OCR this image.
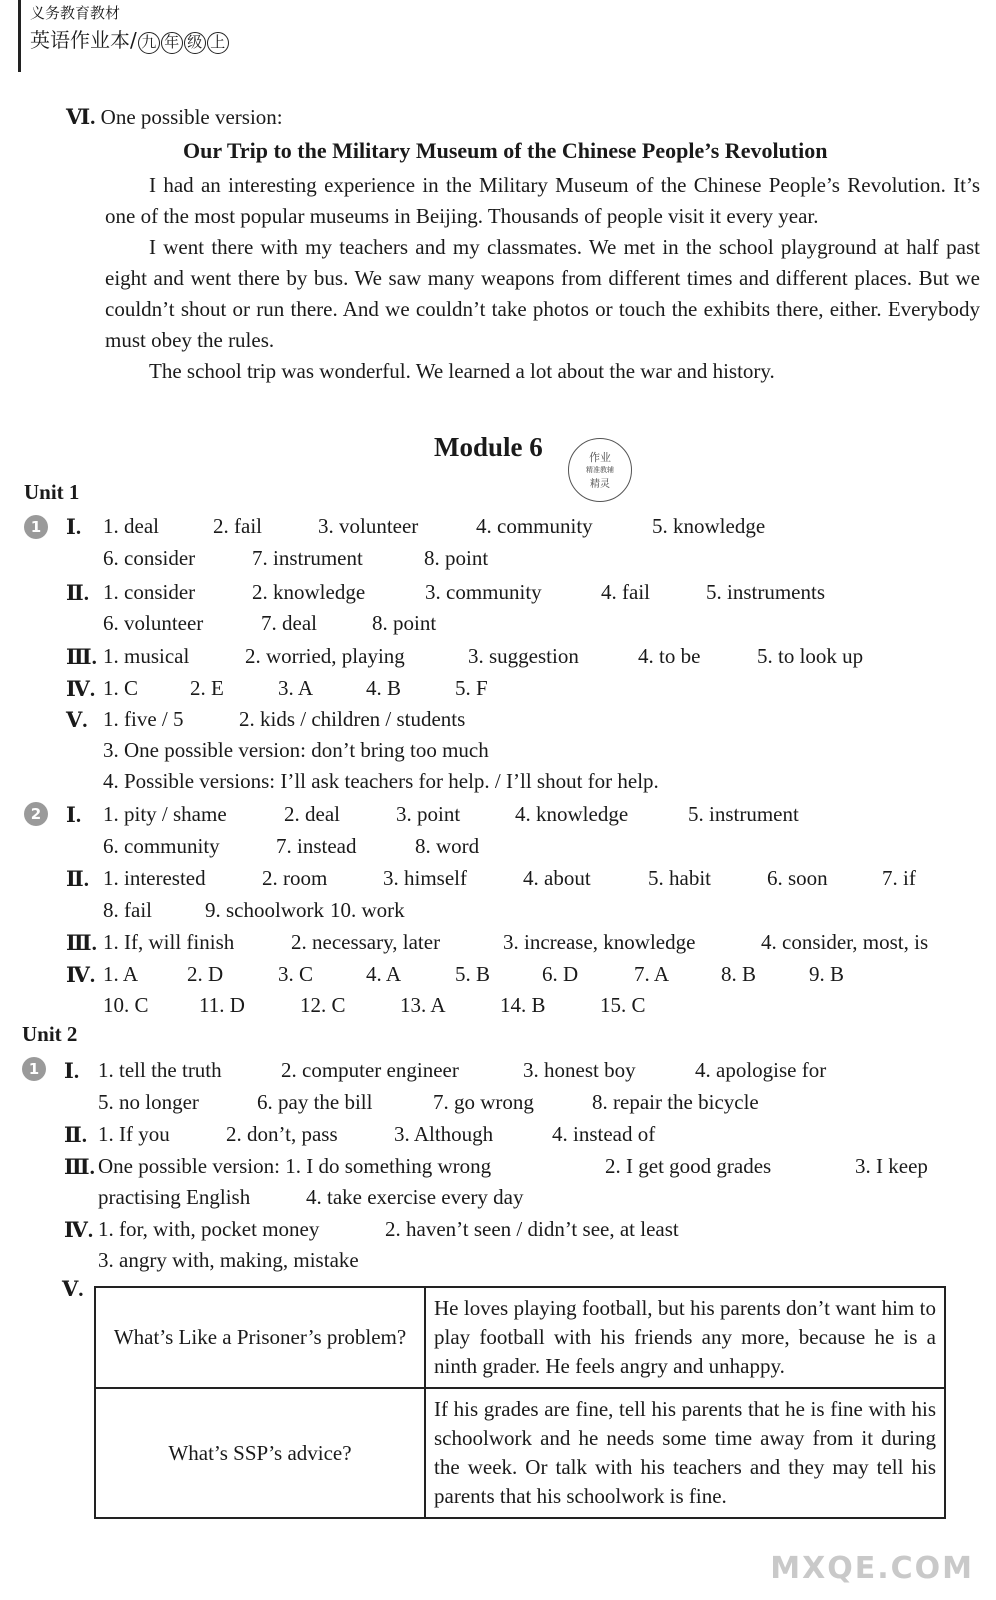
义务教育教材
英语作业本/ 九 年 级 上
Ⅵ. One possible version:
Our Trip to the Military Museum of the Chinese People’s Revolution

I had an interesting experience in the Military Museum of the Chinese People’s Revolution. It’s one of the most popular museums in Beijing. Thousands of people visit it every year.

I went there with my teachers and my classmates. We met in the school playground at half past eight and went there by bus. We saw many weapons from different times and different places. But we couldn’t shout or run there. And we couldn’t take photos or touch the exhibits there, either. Everybody must obey the rules.

The school trip was wonderful. We learned a lot about the war and history.

Module 6	作业
精准教辅
精灵
Unit 1
1
2
Ⅰ. 1. deal	2. fail	3. volunteer	4. community	5. knowledge
6. consider	7. instrument	8. point
Ⅱ. 1. consider	2. knowledge	3. community	4. fail	5. instruments
6. volunteer	7. deal	8. point
Ⅲ. 1. musical	2. worried, playing	3. suggestion	4. to be	5. to look up
Ⅳ. 1. C 2. E	3. A	4. B	5. F
Ⅴ. 1. five / 5	2. kids / children / students
3. One possible version: don’t bring too much
4. Possible versions: I’ll ask teachers for help. / I’ll shout for help.
Ⅰ. 1. pity / shame	2. deal	3. point	4. knowledge	5. instrument
6. community	7. instead	8. word
Ⅱ. 1. interested	2. room	3. himself	4. about	5. habit	6. soon	7. if
8. fail	9. schoolwork 10. work
Ⅲ. 1. If, will finish	2. necessary, later	3. increase, knowledge	4. consider, most, is
Ⅳ. 1. A 2. D	3. C	4. A	5. B 6. D	7. A 8. B	9. B
10. C 11. D	12. C	13. A	14. B	15. C
Unit 2
1	Ⅰ. 1. tell the truth	2. computer engineer	3. honest boy	4. apologise for
5. no longer	6. pay the bill	7. go wrong	8. repair the bicycle
Ⅱ. 1. If you	2. don’t, pass	3. Although	4. instead of
Ⅲ. One possible version: 1. I do something wrong	2. I get good grades	3. I keep
practising English	4. take exercise every day
Ⅳ. 1. for, with, pocket money	2. haven’t seen / didn’t see, at least
3. angry with, making, mistake
Ⅴ.
What’s Like a Prisoner’s problem?	He loves playing football, but his parents don’t want him to play football with his friends any more, because he is a ninth grader. He feels angry and unhappy.
What’s SSP’s advice?	If his grades are fine, tell his parents that he is fine with his schoolwork and he needs some time away from it during the week. Or talk with his teachers and they may tell his parents that his schoolwork is fine.
MXQE.COM
